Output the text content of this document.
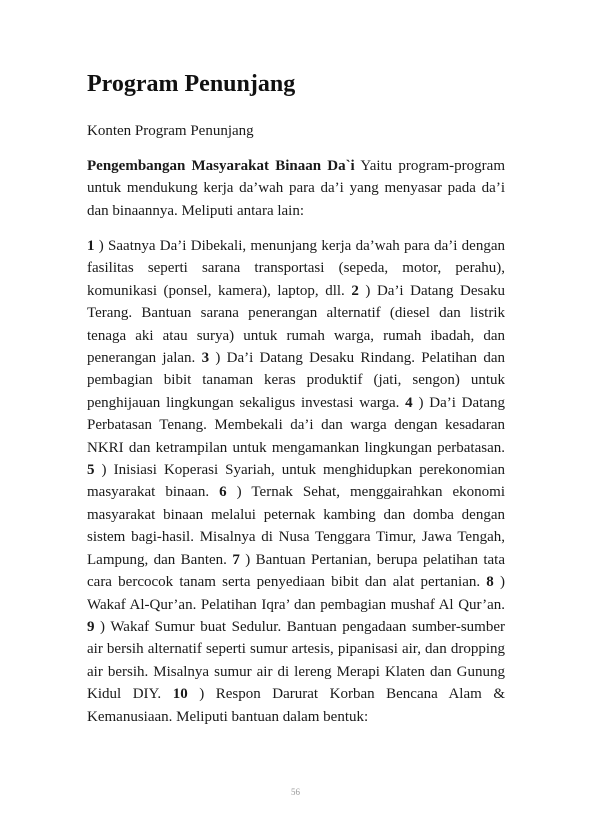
Program Penunjang

Konten Program Penunjang

Pengembangan Masyarakat Binaan Da`i Yaitu program-program untuk mendukung kerja da’wah para da’i yang menyasar pada da’i dan binaannya. Meliputi antara lain:

1 ) Saatnya Da’i Dibekali, menunjang kerja da’wah para da’i dengan fasilitas seperti sarana transportasi (sepeda, motor, perahu), komunikasi (ponsel, kamera), laptop, dll. 2 ) Da’i Datang Desaku Terang. Bantuan sarana penerangan alternatif (diesel dan listrik tenaga aki atau surya) untuk rumah warga, rumah ibadah, dan penerangan jalan. 3 ) Da’i Datang Desaku Rindang. Pelatihan dan pembagian bibit tanaman keras produktif (jati, sengon) untuk penghijauan lingkungan sekaligus investasi warga. 4 ) Da’i Datang Perbatasan Tenang. Membekali da’i dan warga dengan kesadaran NKRI dan ketrampilan untuk mengamankan lingkungan perbatasan. 5 ) Inisiasi Koperasi Syariah, untuk menghidupkan perekonomian masyarakat binaan. 6 ) Ternak Sehat, menggairahkan ekonomi masyarakat binaan melalui peternak kambing dan domba dengan sistem bagi-hasil. Misalnya di Nusa Tenggara Timur, Jawa Tengah, Lampung, dan Banten. 7 ) Bantuan Pertanian, berupa pelatihan tata cara bercocok tanam serta penyediaan bibit dan alat pertanian. 8 ) Wakaf Al-Qur’an. Pelatihan Iqra’ dan pembagian mushaf Al Qur’an. 9 ) Wakaf Sumur buat Sedulur. Bantuan pengadaan sumber-sumber air bersih alternatif seperti sumur artesis, pipanisasi air, dan dropping air bersih. Misalnya sumur air di lereng Merapi Klaten dan Gunung Kidul DIY. 10 ) Respon Darurat Korban Bencana Alam & Kemanusiaan. Meliputi bantuan dalam bentuk:

56
